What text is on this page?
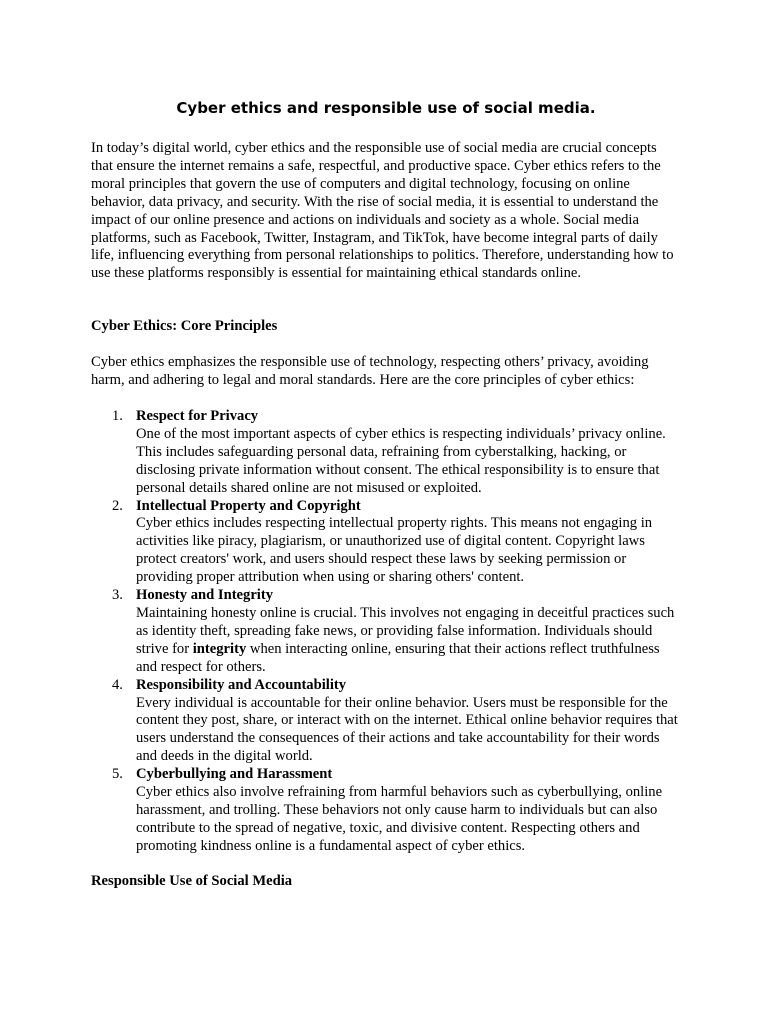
Cyber ethics and responsible use of social media.

In today’s digital world, cyber ethics and the responsible use of social media are crucial concepts that ensure the internet remains a safe, respectful, and productive space. Cyber ethics refers to the moral principles that govern the use of computers and digital technology, focusing on online behavior, data privacy, and security. With the rise of social media, it is essential to understand the impact of our online presence and actions on individuals and society as a whole. Social media platforms, such as Facebook, Twitter, Instagram, and TikTok, have become integral parts of daily life, influencing everything from personal relationships to politics. Therefore, understanding how to use these platforms responsibly is essential for maintaining ethical standards online.

Cyber Ethics: Core Principles

Cyber ethics emphasizes the responsible use of technology, respecting others’ privacy, avoiding harm, and adhering to legal and moral standards. Here are the core principles of cyber ethics:

1. Respect for Privacy
One of the most important aspects of cyber ethics is respecting individuals’ privacy online. This includes safeguarding personal data, refraining from cyberstalking, hacking, or disclosing private information without consent. The ethical responsibility is to ensure that personal details shared online are not misused or exploited.
2. Intellectual Property and Copyright
Cyber ethics includes respecting intellectual property rights. This means not engaging in activities like piracy, plagiarism, or unauthorized use of digital content. Copyright laws protect creators' work, and users should respect these laws by seeking permission or providing proper attribution when using or sharing others' content.
3. Honesty and Integrity
Maintaining honesty online is crucial. This involves not engaging in deceitful practices such as identity theft, spreading fake news, or providing false information. Individuals should strive for integrity when interacting online, ensuring that their actions reflect truthfulness and respect for others.
4. Responsibility and Accountability
Every individual is accountable for their online behavior. Users must be responsible for the content they post, share, or interact with on the internet. Ethical online behavior requires that users understand the consequences of their actions and take accountability for their words and deeds in the digital world.
5. Cyberbullying and Harassment
Cyber ethics also involve refraining from harmful behaviors such as cyberbullying, online harassment, and trolling. These behaviors not only cause harm to individuals but can also contribute to the spread of negative, toxic, and divisive content. Respecting others and promoting kindness online is a fundamental aspect of cyber ethics.
Responsible Use of Social Media
